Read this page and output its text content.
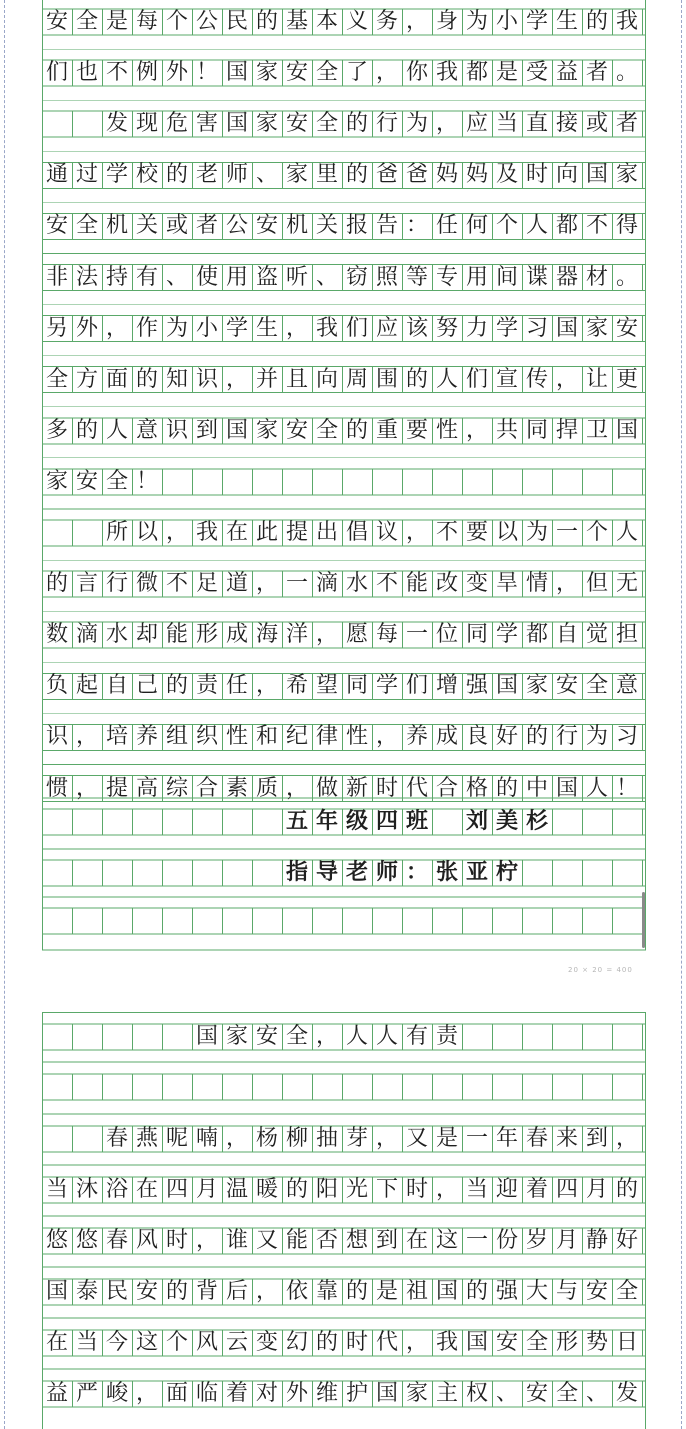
安 全 是 每 个 公 民 的 基 本 义 务 ， 身 为 小 学 生 的 我
们 也 不 例 外 ！ 国 家 安 全 了 ， 你 我 都 是 受 益 者 。

发 现 危 害 国 家 安 全 的 行 为 ， 应 当 直 接 或 者
通 过 学 校 的 老 师 、 家 里 的 爸 爸 妈 妈 及 时 向 国 家
安 全 机 关 或 者 公 安 机 关 报 告 ： 任 何 个 人 都 不 得
非 法 持 有 、 使 用 盗 听 、 窃 照 等 专 用 间 谍 器 材 。
另 外 ， 作 为 小 学 生 ， 我 们 应 该 努 力 学 习 国 家 安
全 方 面 的 知 识 ， 并 且 向 周 围 的 人 们 宣 传 ， 让 更
多 的 人 意 识 到 国 家 安 全 的 重 要 性 ， 共 同 捍 卫 国
家 安 全 ！

所 以 ， 我 在 此 提 出 倡 议 ， 不 要 以 为 一 个 人
的 言 行 微 不 足 道 ， 一 滴 水 不 能 改 变 旱 情 ， 但 无
数 滴 水 却 能 形 成 海 洋 ， 愿 每 一 位 同 学 都 自 觉 担
负 起 自 己 的 责 任 ， 希 望 同 学 们 增 强 国 家 安 全 意
识 ， 培 养 组 织 性 和 纪 律 性 ， 养 成 良 好 的 行 为 习
惯 ， 提 高 综 合 素 质 ， 做 新 时 代 合 格 的 中 国 人 ！
五 年 级 四 班
　 刘 美 杉
指 导 老 师 ： 张 亚 柠
20 × 20 = 400
国 家 安 全 ， 人 人 有 责

春 燕 呢 喃 ， 杨 柳 抽 芽 ， 又 是 一 年 春 来 到 ，
当 沐 浴 在 四 月 温 暖 的 阳 光 下 时 ， 当 迎 着 四 月 的
悠 悠 春 风 时 ， 谁 又 能 否 想 到 在 这 一 份 岁 月 静 好
国 泰 民 安 的 背 后 ， 依 靠 的 是 祖 国 的 强 大 与 安 全
在 当 今 这 个 风 云 变 幻 的 时 代 ， 我 国 安 全 形 势 日
益 严 峻 ， 面 临 着 对 外 维 护 国 家 主 权 、 安 全 、 发
